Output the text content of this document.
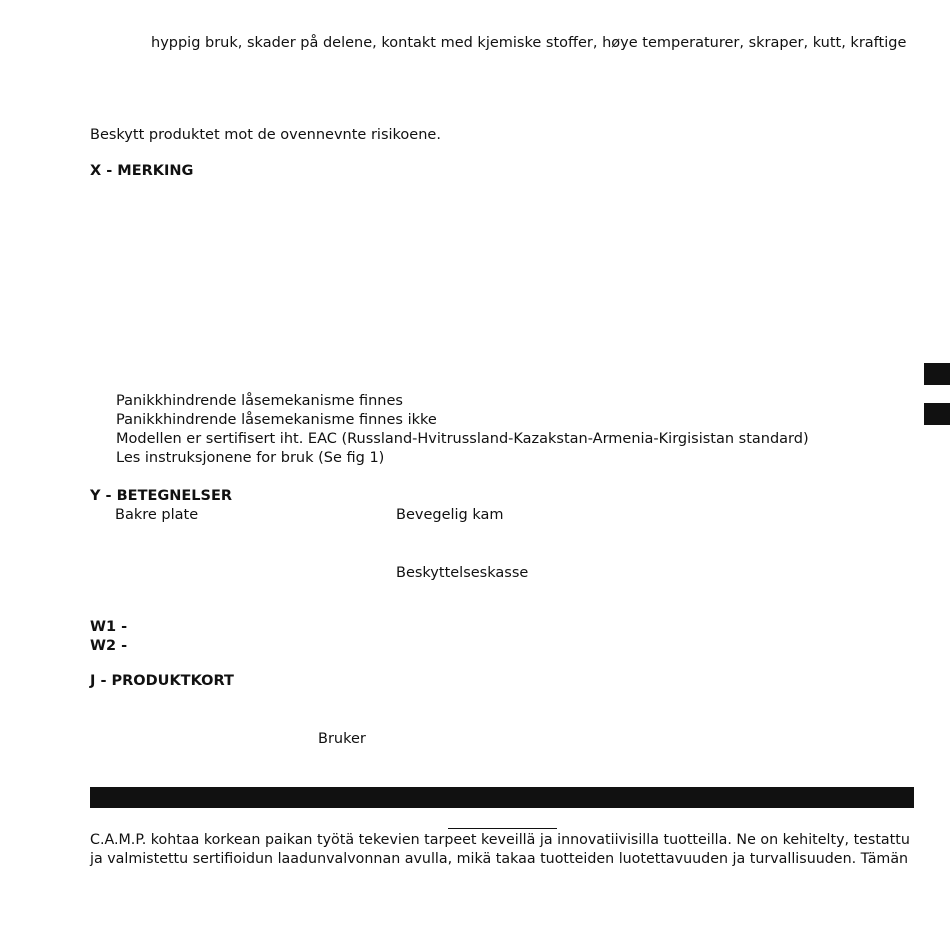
hyppig bruk, skader på delene, kontakt med kjemiske stoffer, høye temperaturer, skraper, kutt, kraftige
Beskytt produktet mot de ovennevnte risikoene.
X - MERKING
Panikkhindrende låsemekanisme finnes
Panikkhindrende låsemekanisme finnes ikke
Modellen er sertifisert iht. EAC (Russland-Hvitrussland-Kazakstan-Armenia-Kirgisistan standard)
Les instruksjonene for bruk (Se fig 1)
Y - BETEGNELSER
Bakre plate	Bevegelig kam
Beskyttelseskasse
W1 -
W2 -
J - PRODUKTKORT
Bruker
C.A.M.P. kohtaa korkean paikan työtä tekevien tarpeet keveillä ja innovatiivisilla tuotteilla. Ne on kehitelty, testattu
ja valmistettu sertifioidun laadunvalvonnan avulla, mikä takaa tuotteiden luotettavuuden ja turvallisuuden. Tämän
